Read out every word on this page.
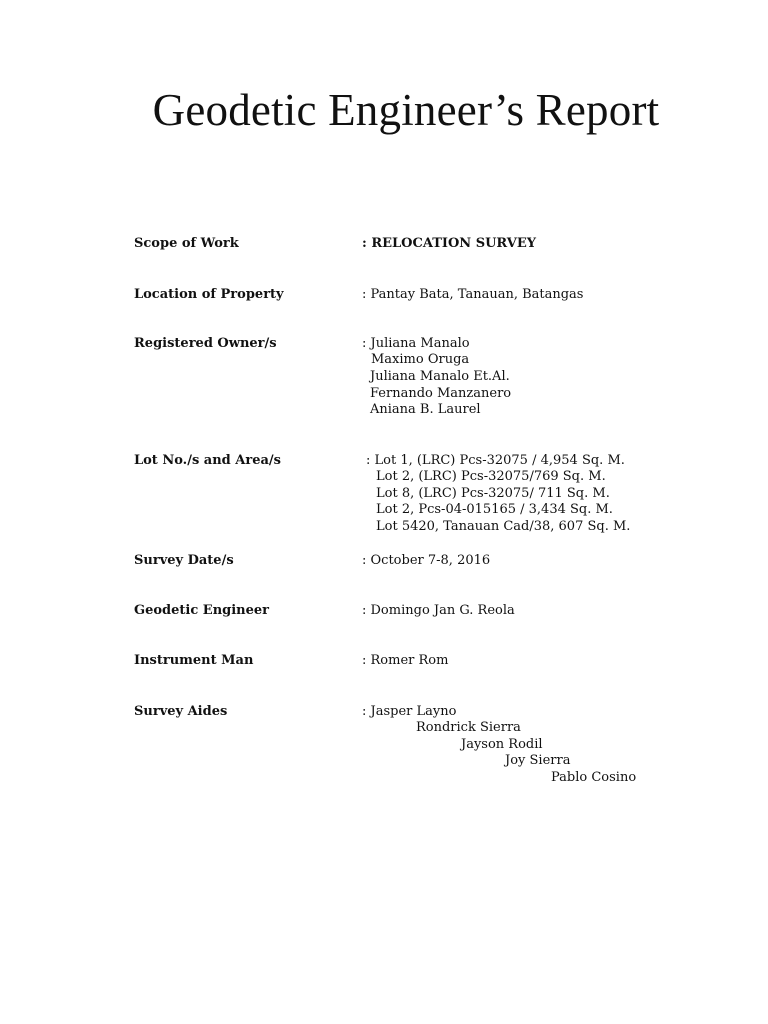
Geodetic Engineer’s Report
Scope of Work	: RELOCATION SURVEY
Location of Property	: Pantay Bata, Tanauan, Batangas
Registered Owner/s	: Juliana Manalo
Maximo Oruga
Juliana Manalo Et.Al.
Fernando Manzanero
Aniana B. Laurel
Lot No./s and Area/s	: Lot 1, (LRC) Pcs-32075 / 4,954 Sq. M.
Lot 2, (LRC) Pcs-32075/769 Sq. M.
Lot 8, (LRC) Pcs-32075/ 711 Sq. M.
Lot 2, Pcs-04-015165 / 3,434 Sq. M.
Lot 5420, Tanauan Cad/38, 607 Sq. M.
Survey Date/s	: October 7-8, 2016
Geodetic Engineer	: Domingo Jan G. Reola
Instrument Man	: Romer Rom
Survey Aides	: Jasper Layno
Rondrick Sierra
Jayson Rodil
Joy Sierra
Pablo Cosino
